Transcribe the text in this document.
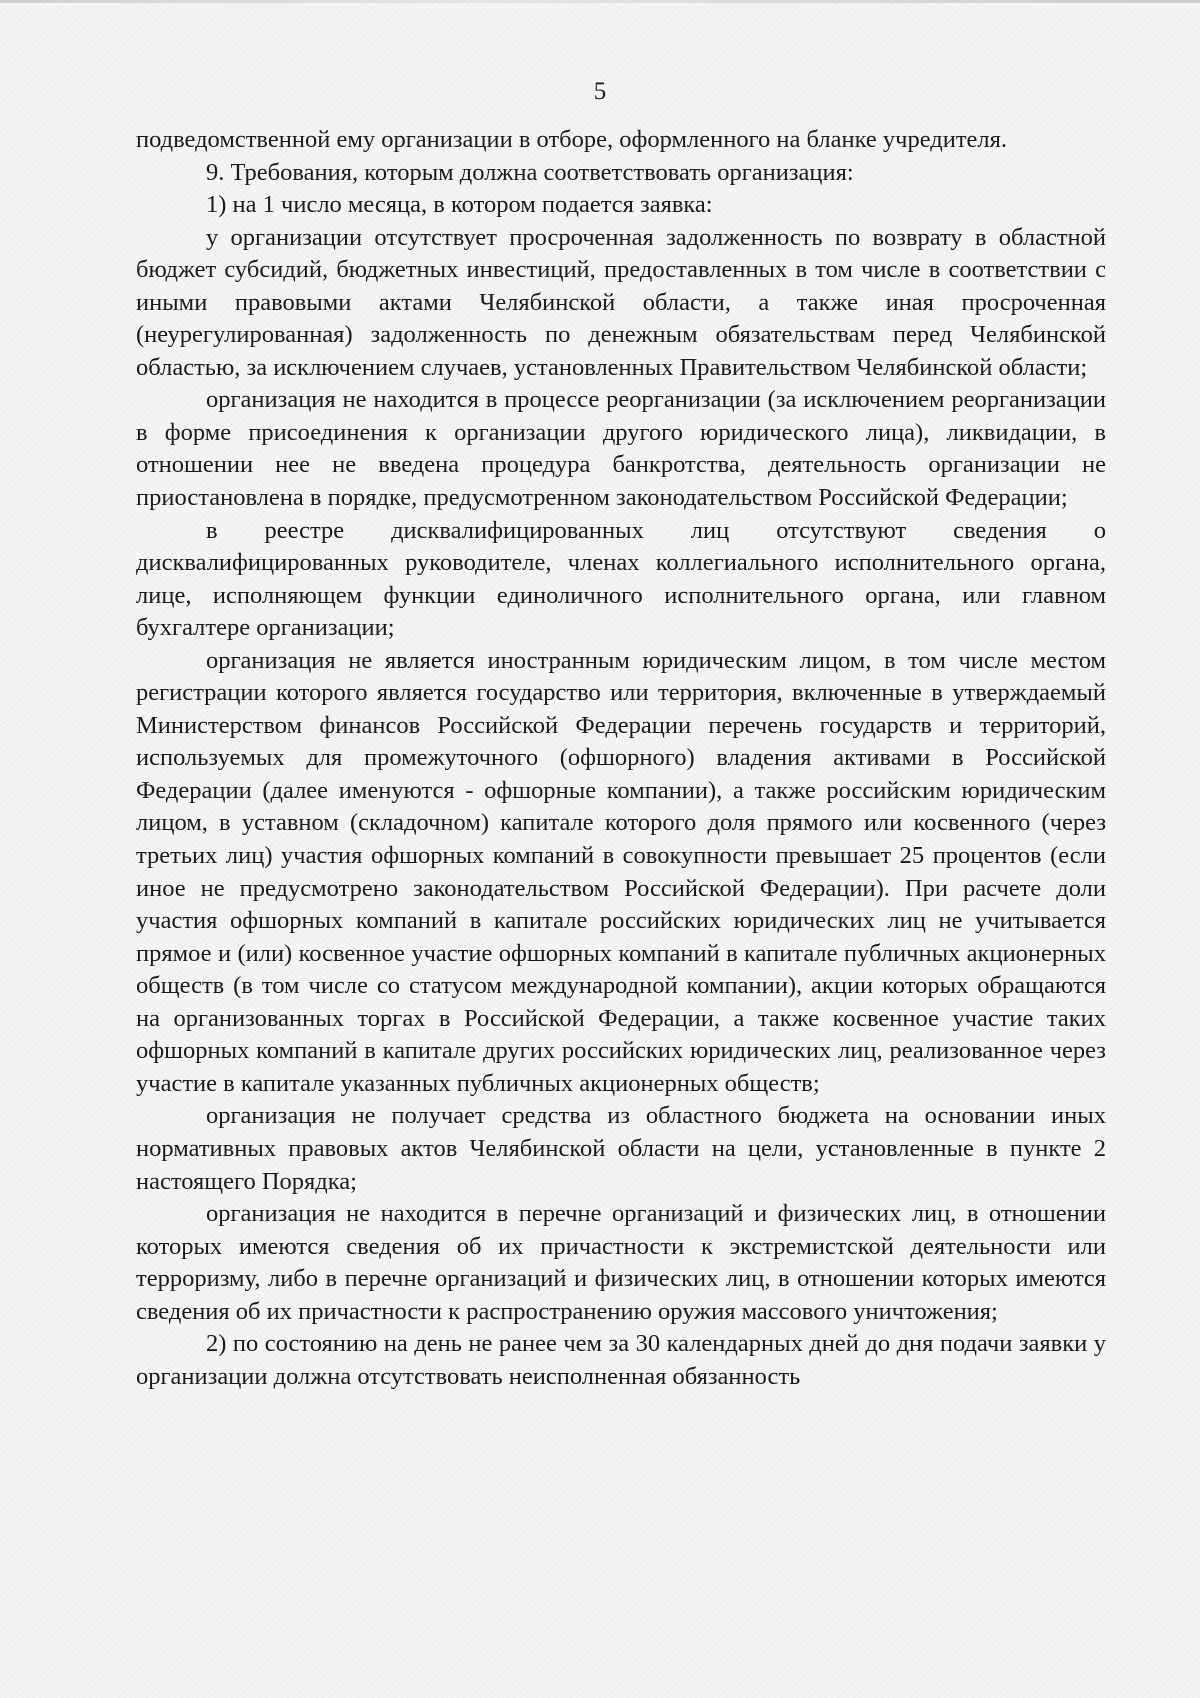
5

подведомственной ему организации в отборе, оформленного на бланке учредителя.

9. Требования, которым должна соответствовать организация:

1) на 1 число месяца, в котором подается заявка:

у организации отсутствует просроченная задолженность по возврату в областной бюджет субсидий, бюджетных инвестиций, предоставленных в том числе в соответствии с иными правовыми актами Челябинской области, а также иная просроченная (неурегулированная) задолженность по денежным обязательствам перед Челябинской областью, за исключением случаев, установленных Правительством Челябинской области;

организация не находится в процессе реорганизации (за исключением реорганизации в форме присоединения к организации другого юридического лица), ликвидации, в отношении нее не введена процедура банкротства, деятельность организации не приостановлена в порядке, предусмотренном законодательством Российской Федерации;

в реестре дисквалифицированных лиц отсутствуют сведения о дисквалифицированных руководителе, членах коллегиального исполнительного органа, лице, исполняющем функции единоличного исполнительного органа, или главном бухгалтере организации;

организация не является иностранным юридическим лицом, в том числе местом регистрации которого является государство или территория, включенные в утверждаемый Министерством финансов Российской Федерации перечень государств и территорий, используемых для промежуточного (офшорного) владения активами в Российской Федерации (далее именуются - офшорные компании), а также российским юридическим лицом, в уставном (складочном) капитале которого доля прямого или косвенного (через третьих лиц) участия офшорных компаний в совокупности превышает 25 процентов (если иное не предусмотрено законодательством Российской Федерации). При расчете доли участия офшорных компаний в капитале российских юридических лиц не учитывается прямое и (или) косвенное участие офшорных компаний в капитале публичных акционерных обществ (в том числе со статусом международной компании), акции которых обращаются на организованных торгах в Российской Федерации, а также косвенное участие таких офшорных компаний в капитале других российских юридических лиц, реализованное через участие в капитале указанных публичных акционерных обществ;

организация не получает средства из областного бюджета на основании иных нормативных правовых актов Челябинской области на цели, установленные в пункте 2 настоящего Порядка;

организация не находится в перечне организаций и физических лиц, в отношении которых имеются сведения об их причастности к экстремистской деятельности или терроризму, либо в перечне организаций и физических лиц, в отношении которых имеются сведения об их причастности к распространению оружия массового уничтожения;

2) по состоянию на день не ранее чем за 30 календарных дней до дня подачи заявки у организации должна отсутствовать неисполненная обязанность
